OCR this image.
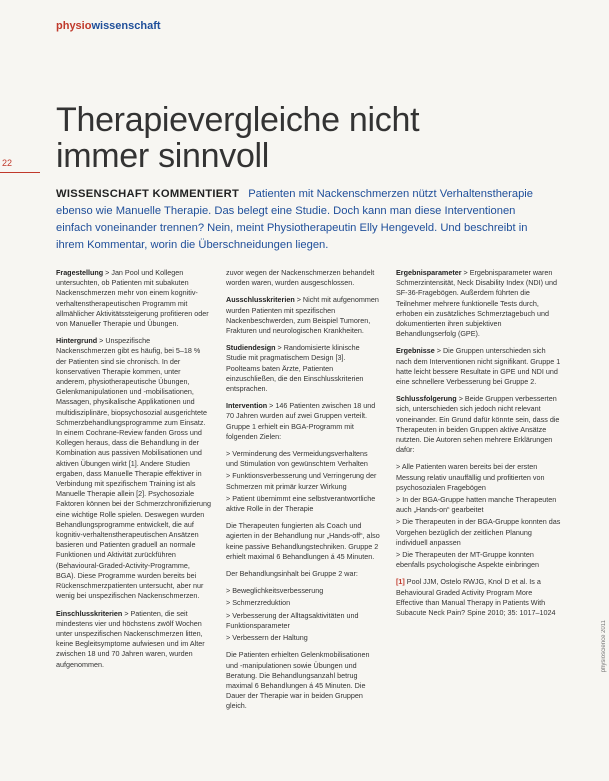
physiowissenschaft
22
Therapievergleiche nicht
immer sinnvoll
WISSENSCHAFT KOMMENTIERT Patienten mit Nackenschmerzen nützt Verhaltenstherapie ebenso wie Manuelle Therapie. Das belegt eine Studie. Doch kann man diese Interventionen einfach voneinander trennen? Nein, meint Physiotherapeutin Elly Hengeveld. Und beschreibt in ihrem Kommentar, worin die Überschneidungen liegen.

Fragestellung > Jan Pool und Kollegen untersuchten, ob Patienten mit subakuten Nackenschmerzen mehr von einem kognitiv-verhaltenstherapeutischen Programm mit allmählicher Aktivitätssteigerung profitieren oder von Manueller Therapie und Übungen.

Hintergrund > Unspezifische Nackenschmerzen gibt es häufig, bei 5–18 % der Patienten sind sie chronisch. In der konservativen Therapie kommen, unter anderem, physiotherapeutische Übungen, Gelenkmanipulationen und -mobilisationen, Massagen, physikalische Applikationen und multidisziplinäre, biopsychosozial ausgerichtete Schmerzbehandlungsprogramme zum Einsatz. In einem Cochrane-Review fanden Gross und Kollegen heraus, dass die Behandlung in der Kombination aus passiven Mobilisationen und aktiven Übungen wirkt [1]. Andere Studien ergaben, dass Manuelle Therapie effektiver in Verbindung mit spezifischem Training ist als Manuelle Therapie allein [2]. Psychosoziale Faktoren können bei der Schmerzchronifizierung eine wichtige Rolle spielen. Deswegen wurden Behandlungsprogramme entwickelt, die auf kognitiv-verhaltenstherapeutischen Ansätzen basieren und Patienten graduell an normale Funktionen und Aktivität zurückführen (Behavioural-Graded-Activity-Programme, BGA). Diese Programme wurden bereits bei Rückenschmerzpatienten untersucht, aber nur wenig bei unspezifischen Nackenschmerzen.

Einschlusskriterien > Patienten, die seit mindestens vier und höchstens zwölf Wochen unter unspezifischen Nackenschmerzen litten, keine Begleitsymptome aufwiesen und im Alter zwischen 18 und 70 Jahren waren, wurden aufgenommen.

zuvor wegen der Nackenschmerzen behandelt worden waren, wurden ausgeschlossen.

Ausschlusskriterien > Nicht mit aufgenommen wurden Patienten mit spezifischen Nackenbeschwerden, zum Beispiel Tumoren, Frakturen und neurologischen Krankheiten.

Studiendesign > Randomisierte klinische Studie mit pragmatischem Design [3]. Poolteams baten Ärzte, Patienten einzuschließen, die den Einschlusskriterien entsprachen.

Intervention > 146 Patienten zwischen 18 und 70 Jahren wurden auf zwei Gruppen verteilt. Gruppe 1 erhielt ein BGA-Programm mit folgenden Zielen:

> Verminderung des Vermeidungsverhaltens und Stimulation von gewünschtem Verhalten
> Funktionsverbesserung und Verringerung der Schmerzen mit primär kurzer Wirkung
> Patient übernimmt eine selbstverantwortliche aktive Rolle in der Therapie

Die Therapeuten fungierten als Coach und agierten in der Behandlung nur „Hands-off“, also keine passive Behandlungstechniken. Gruppe 2 erhielt maximal 6 Behandlungen á 45 Minuten.

Der Behandlungsinhalt bei Gruppe 2 war:

> Beweglichkeitsverbesserung
> Schmerzreduktion
> Verbesserung der Alltagsaktivitäten und Funktionsparameter
> Verbessern der Haltung

Die Patienten erhielten Gelenkmobilisationen und -manipulationen sowie Übungen und Beratung. Die Behandlungsanzahl betrug maximal 6 Behandlungen á 45 Minuten. Die Dauer der Therapie war in beiden Gruppen gleich.

Ergebnisparameter > Ergebnisparameter waren Schmerzintensität, Neck Disability Index (NDI) und SF-36-Fragebögen. Außerdem führten die Teilnehmer mehrere funktionelle Tests durch, erhoben ein zusätzliches Schmerztagebuch und dokumentierten ihren subjektiven Behandlungserfolg (GPE).

Ergebnisse > Die Gruppen unterschieden sich nach dem Interventionen nicht signifikant. Gruppe 1 hatte leicht bessere Resultate in GPE und NDI und eine schnellere Verbesserung bei Gruppe 2.

Schlussfolgerung > Beide Gruppen verbesserten sich, unterschieden sich jedoch nicht relevant voneinander. Ein Grund dafür könnte sein, dass die Therapeuten in beiden Gruppen aktive Ansätze nutzten. Die Autoren sehen mehrere Erklärungen dafür:

> Alle Patienten waren bereits bei der ersten Messung relativ unauffällig und profitierten von psychosozialen Fragebögen
> In der BGA-Gruppe hatten manche Therapeuten auch „Hands-on“ gearbeitet
> Die Therapeuten in der BGA-Gruppe konnten das Vorgehen bezüglich der zeitlichen Planung individuell anpassen
> Die Therapeuten der MT-Gruppe konnten ebenfalls psychologische Aspekte einbringen

[1] Pool JJM, Ostelo RWJG, Knol D et al. Is a Behavioural Graded Activity Program More Effective than Manual Therapy in Patients With Subacute Neck Pain? Spine 2010; 35: 1017–1024

physioscience 2011
